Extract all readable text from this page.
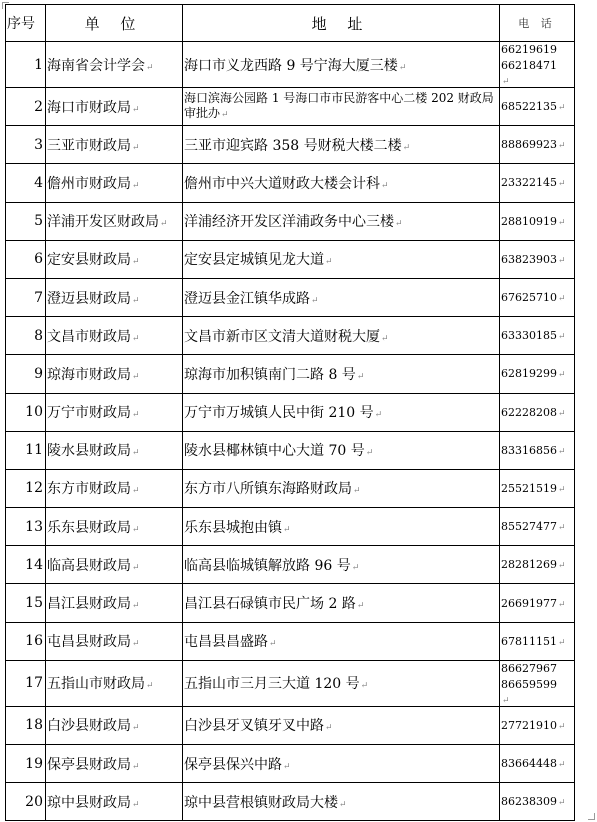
序号	单 位	地 址	电 话
1	海南省会计学会↵	海口市义龙西路 9 号宁海大厦三楼↵	66219619
66218471
↵
2	海口市财政局↵	海口滨海公园路 1 号海口市市民游客中心二楼 202 财政局审批办↵	68522135↵
3	三亚市财政局↵	三亚市迎宾路 358 号财税大楼二楼↵	88869923↵
4	儋州市财政局↵	儋州市中兴大道财政大楼会计科↵	23322145↵
5	洋浦开发区财政局↵	洋浦经济开发区洋浦政务中心三楼↵	28810919↵
6	定安县财政局↵	定安县定城镇见龙大道↵	63823903↵
7	澄迈县财政局↵	澄迈县金江镇华成路↵	67625710↵
8	文昌市财政局↵	文昌市新市区文清大道财税大厦↵	63330185↵
9	琼海市财政局↵	琼海市加积镇南门二路 8 号↵	62819299↵
10	万宁市财政局↵	万宁市万城镇人民中街 210 号↵	62228208↵
11	陵水县财政局↵	陵水县椰林镇中心大道 70 号↵	83316856↵
12	东方市财政局↵	东方市八所镇东海路财政局↵	25521519↵
13	乐东县财政局↵	乐东县城抱由镇↵	85527477↵
14	临高县财政局↵	临高县临城镇解放路 96 号↵	28281269↵
15	昌江县财政局↵	昌江县石碌镇市民广场 2 路↵	26691977↵
16	屯昌县财政局↵	屯昌县昌盛路↵	67811151↵
17	五指山市财政局↵	五指山市三月三大道 120 号↵	86627967
86659599
↵
18	白沙县财政局↵	白沙县牙叉镇牙叉中路↵	27721910↵
19	保亭县财政局↵	保亭县保兴中路↵	83664448↵
20	琼中县财政局↵	琼中县营根镇财政局大楼↵	86238309↵
